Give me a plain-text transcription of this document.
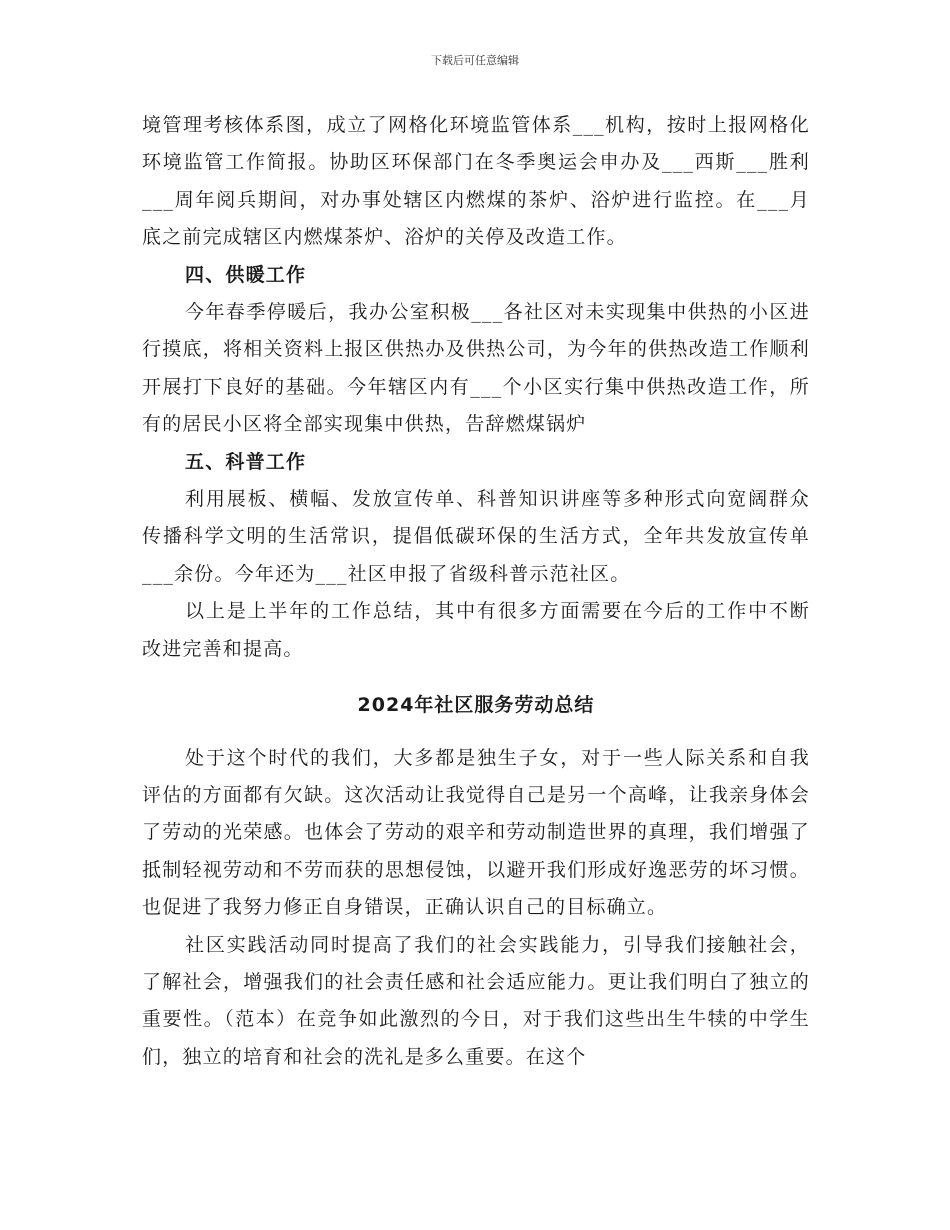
下载后可任意编辑

境管理考核体系图，成立了网格化环境监管体系___机构，按时上报网格化环境监管工作简报。协助区环保部门在冬季奥运会申办及___西斯___胜利___周年阅兵期间，对办事处辖区内燃煤的茶炉、浴炉进行监控。在___月底之前完成辖区内燃煤茶炉、浴炉的关停及改造工作。

四、供暖工作

今年春季停暖后，我办公室积极___各社区对未实现集中供热的小区进行摸底，将相关资料上报区供热办及供热公司，为今年的供热改造工作顺利开展打下良好的基础。今年辖区内有___个小区实行集中供热改造工作，所有的居民小区将全部实现集中供热，告辞燃煤锅炉

五、科普工作

利用展板、横幅、发放宣传单、科普知识讲座等多种形式向宽阔群众传播科学文明的生活常识，提倡低碳环保的生活方式，全年共发放宣传单___余份。今年还为___社区申报了省级科普示范社区。

以上是上半年的工作总结，其中有很多方面需要在今后的工作中不断改进完善和提高。

2024年社区服务劳动总结

处于这个时代的我们，大多都是独生子女，对于一些人际关系和自我评估的方面都有欠缺。这次活动让我觉得自己是另一个高峰，让我亲身体会了劳动的光荣感。也体会了劳动的艰辛和劳动制造世界的真理，我们增强了抵制轻视劳动和不劳而获的思想侵蚀，以避开我们形成好逸恶劳的坏习惯。也促进了我努力修正自身错误，正确认识自己的目标确立。

社区实践活动同时提高了我们的社会实践能力，引导我们接触社会，了解社会，增强我们的社会责任感和社会适应能力。更让我们明白了独立的重要性。（范本）在竞争如此激烈的今日，对于我们这些出生牛犊的中学生们，独立的培育和社会的洗礼是多么重要。在这个
